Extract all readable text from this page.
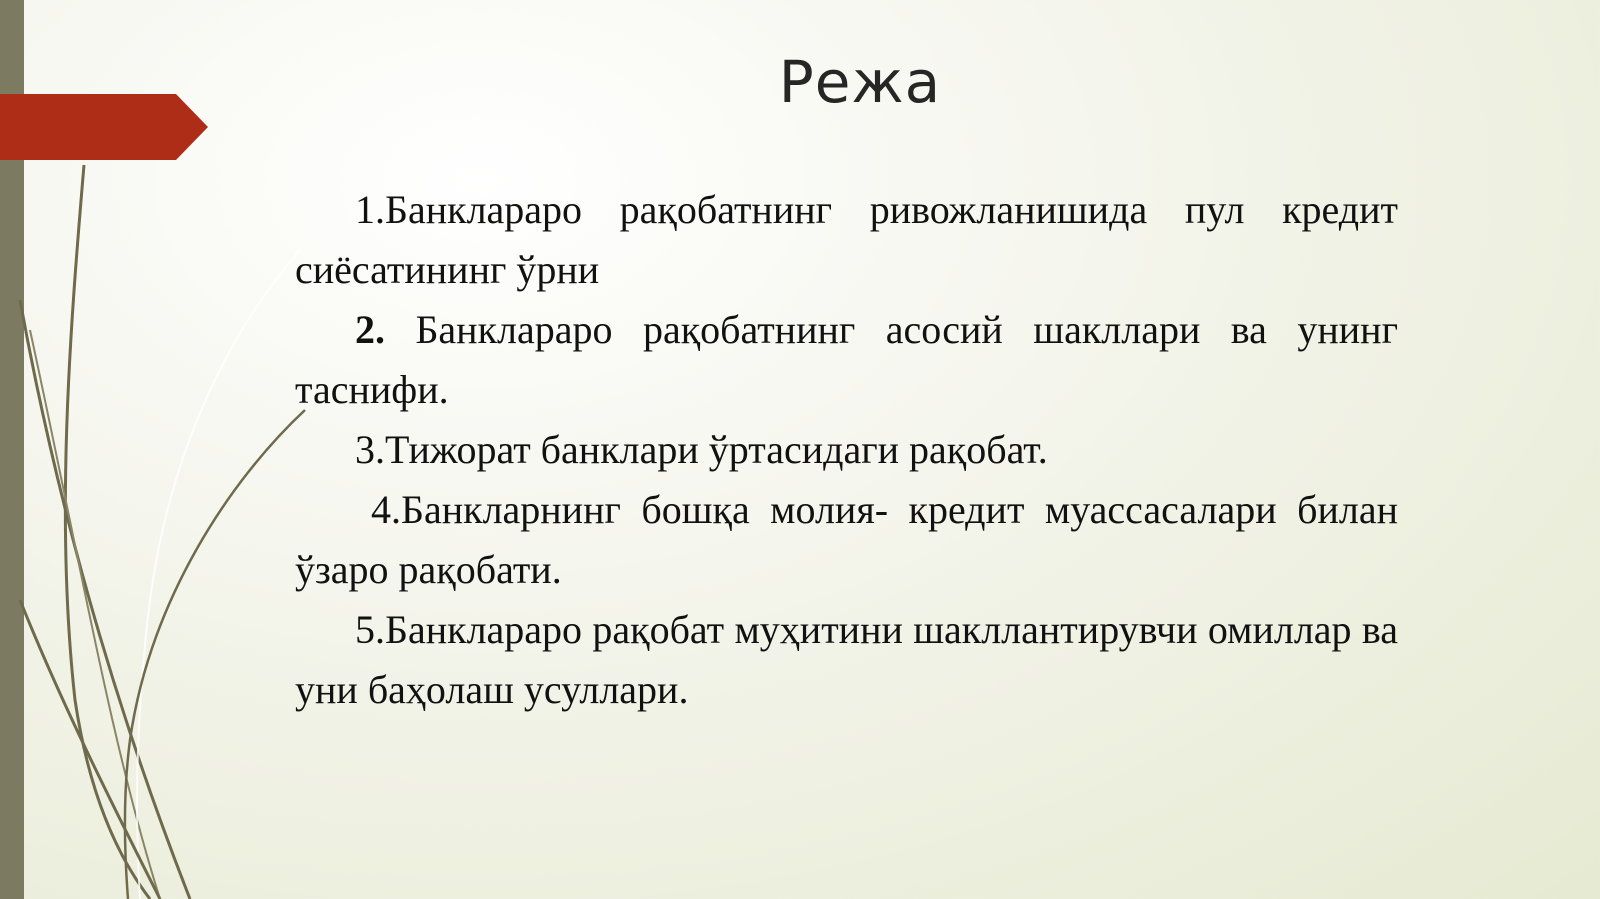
Режа

1.Банклараро рақобатнинг ривожланишида пул кредит сиёсатининг ўрни

2. Банклараро рақобатнинг асосий шакллари ва унинг таснифи.

3.Тижорат банклари ўртасидаги рақобат.

4.Банкларнинг бошқа молия- кредит муассасалари билан ўзаро рақобати.

5.Банклараро рақобат муҳитини шакллантирувчи омиллар ва уни баҳолаш усуллари.
